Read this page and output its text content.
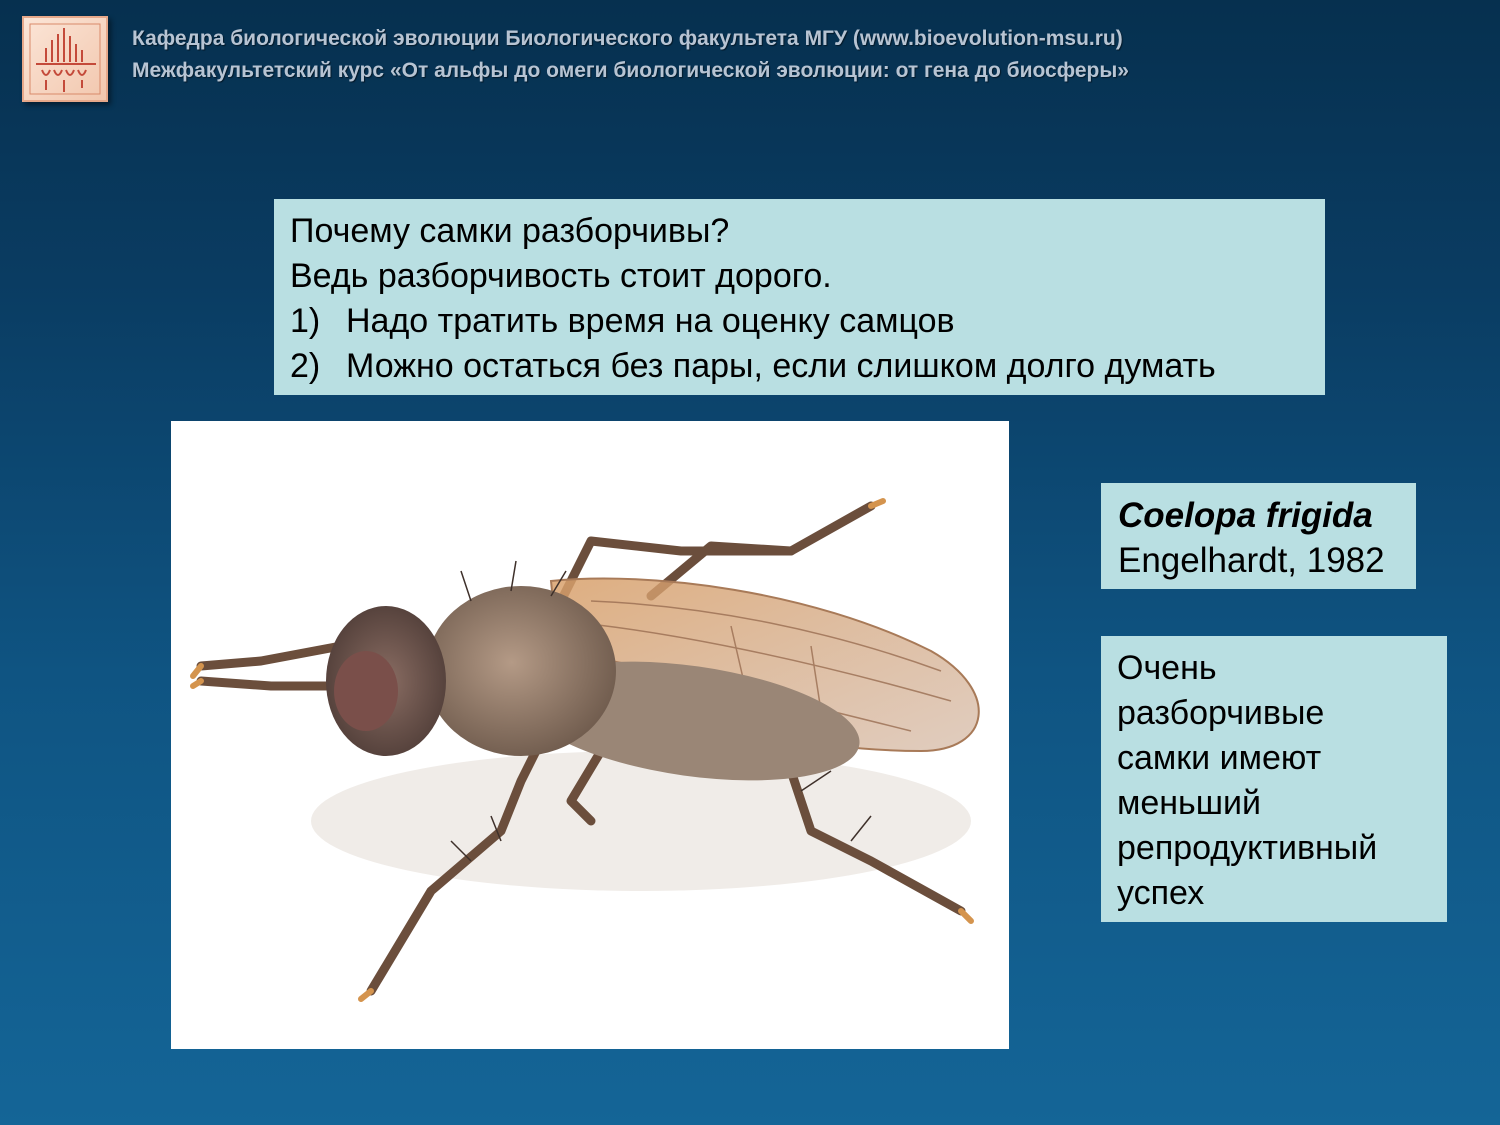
Кафедра биологической эволюции Биологического факультета МГУ (www.bioevolution-msu.ru)
Межфакультетский курс «От альфы до омеги биологической эволюции: от гена до биосферы»
Почему самки разборчивы?
Ведь разборчивость стоит дорого.
1) Надо тратить время на оценку самцов
2) Можно остаться без пары, если слишком долго думать
Coelopa frigida
Engelhardt, 1982
Очень
разборчивые
самки имеют
меньший
репродуктивный
успех
